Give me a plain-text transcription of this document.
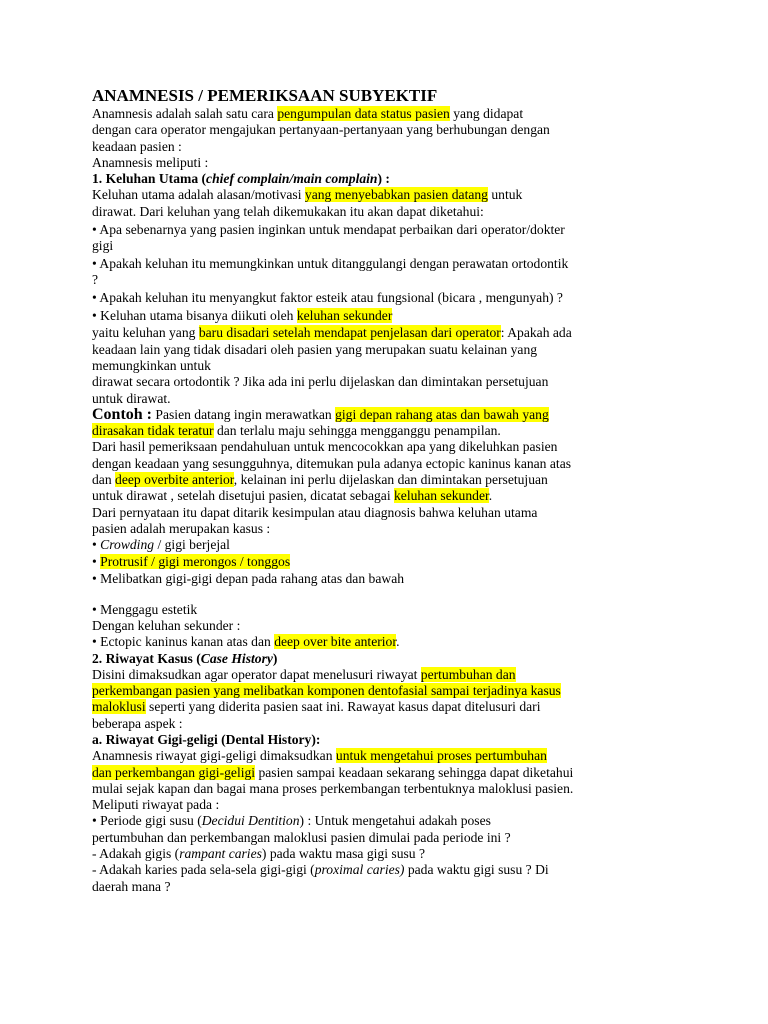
ANAMNESIS / PEMERIKSAAN SUBYEKTIF

Anamnesis adalah salah satu cara pengumpulan data status pasien yang didapat

dengan cara operator mengajukan pertanyaan-pertanyaan yang berhubungan dengan

keadaan pasien :

Anamnesis meliputi :

1. Keluhan Utama (chief complain/main complain) :

Keluhan utama adalah alasan/motivasi yang menyebabkan pasien datang untuk

dirawat. Dari keluhan yang telah dikemukakan itu akan dapat diketahui:

• Apa sebenarnya yang pasien inginkan untuk mendapat perbaikan dari operator/dokter

gigi

• Apakah keluhan itu memungkinkan untuk ditanggulangi dengan perawatan ortodontik

?

• Apakah keluhan itu menyangkut faktor esteik atau fungsional (bicara , mengunyah) ?

• Keluhan utama bisanya diikuti oleh keluhan sekunder

yaitu keluhan yang baru disadari setelah mendapat penjelasan dari operator: Apakah ada

keadaan lain yang tidak disadari oleh pasien yang merupakan suatu kelainan yang

memungkinkan untuk

dirawat secara ortodontik ? Jika ada ini perlu dijelaskan dan dimintakan persetujuan

untuk dirawat.

Contoh : Pasien datang ingin merawatkan gigi depan rahang atas dan bawah yang

dirasakan tidak teratur dan terlalu maju sehingga mengganggu penampilan.

Dari hasil pemeriksaan pendahuluan untuk mencocokkan apa yang dikeluhkan pasien

dengan keadaan yang sesungguhnya, ditemukan pula adanya ectopic kaninus kanan atas

dan deep overbite anterior, kelainan ini perlu dijelaskan dan dimintakan persetujuan

untuk dirawat , setelah disetujui pasien, dicatat sebagai keluhan sekunder.

Dari pernyataan itu dapat ditarik kesimpulan atau diagnosis bahwa keluhan utama

pasien adalah merupakan kasus :

• Crowding / gigi berjejal

• Protrusif / gigi merongos / tonggos

• Melibatkan gigi-gigi depan pada rahang atas dan bawah

• Menggagu estetik

Dengan keluhan sekunder :

• Ectopic kaninus kanan atas dan deep over bite anterior.

2. Riwayat Kasus (Case History)

Disini dimaksudkan agar operator dapat menelusuri riwayat pertumbuhan dan

perkembangan pasien yang melibatkan komponen dentofasial sampai terjadinya kasus

maloklusi seperti yang diderita pasien saat ini. Rawayat kasus dapat ditelusuri dari

beberapa aspek :

a. Riwayat Gigi-geligi (Dental History):

Anamnesis riwayat gigi-geligi dimaksudkan untuk mengetahui proses pertumbuhan

dan perkembangan gigi-geligi pasien sampai keadaan sekarang sehingga dapat diketahui

mulai sejak kapan dan bagai mana proses perkembangan terbentuknya maloklusi pasien.

Meliputi riwayat pada :

• Periode gigi susu (Decidui Dentition) : Untuk mengetahui adakah poses

pertumbuhan dan perkembangan maloklusi pasien dimulai pada periode ini ?

- Adakah gigis (rampant caries) pada waktu masa gigi susu ?

- Adakah karies pada sela-sela gigi-gigi (proximal caries) pada waktu gigi susu ? Di

daerah mana ?
